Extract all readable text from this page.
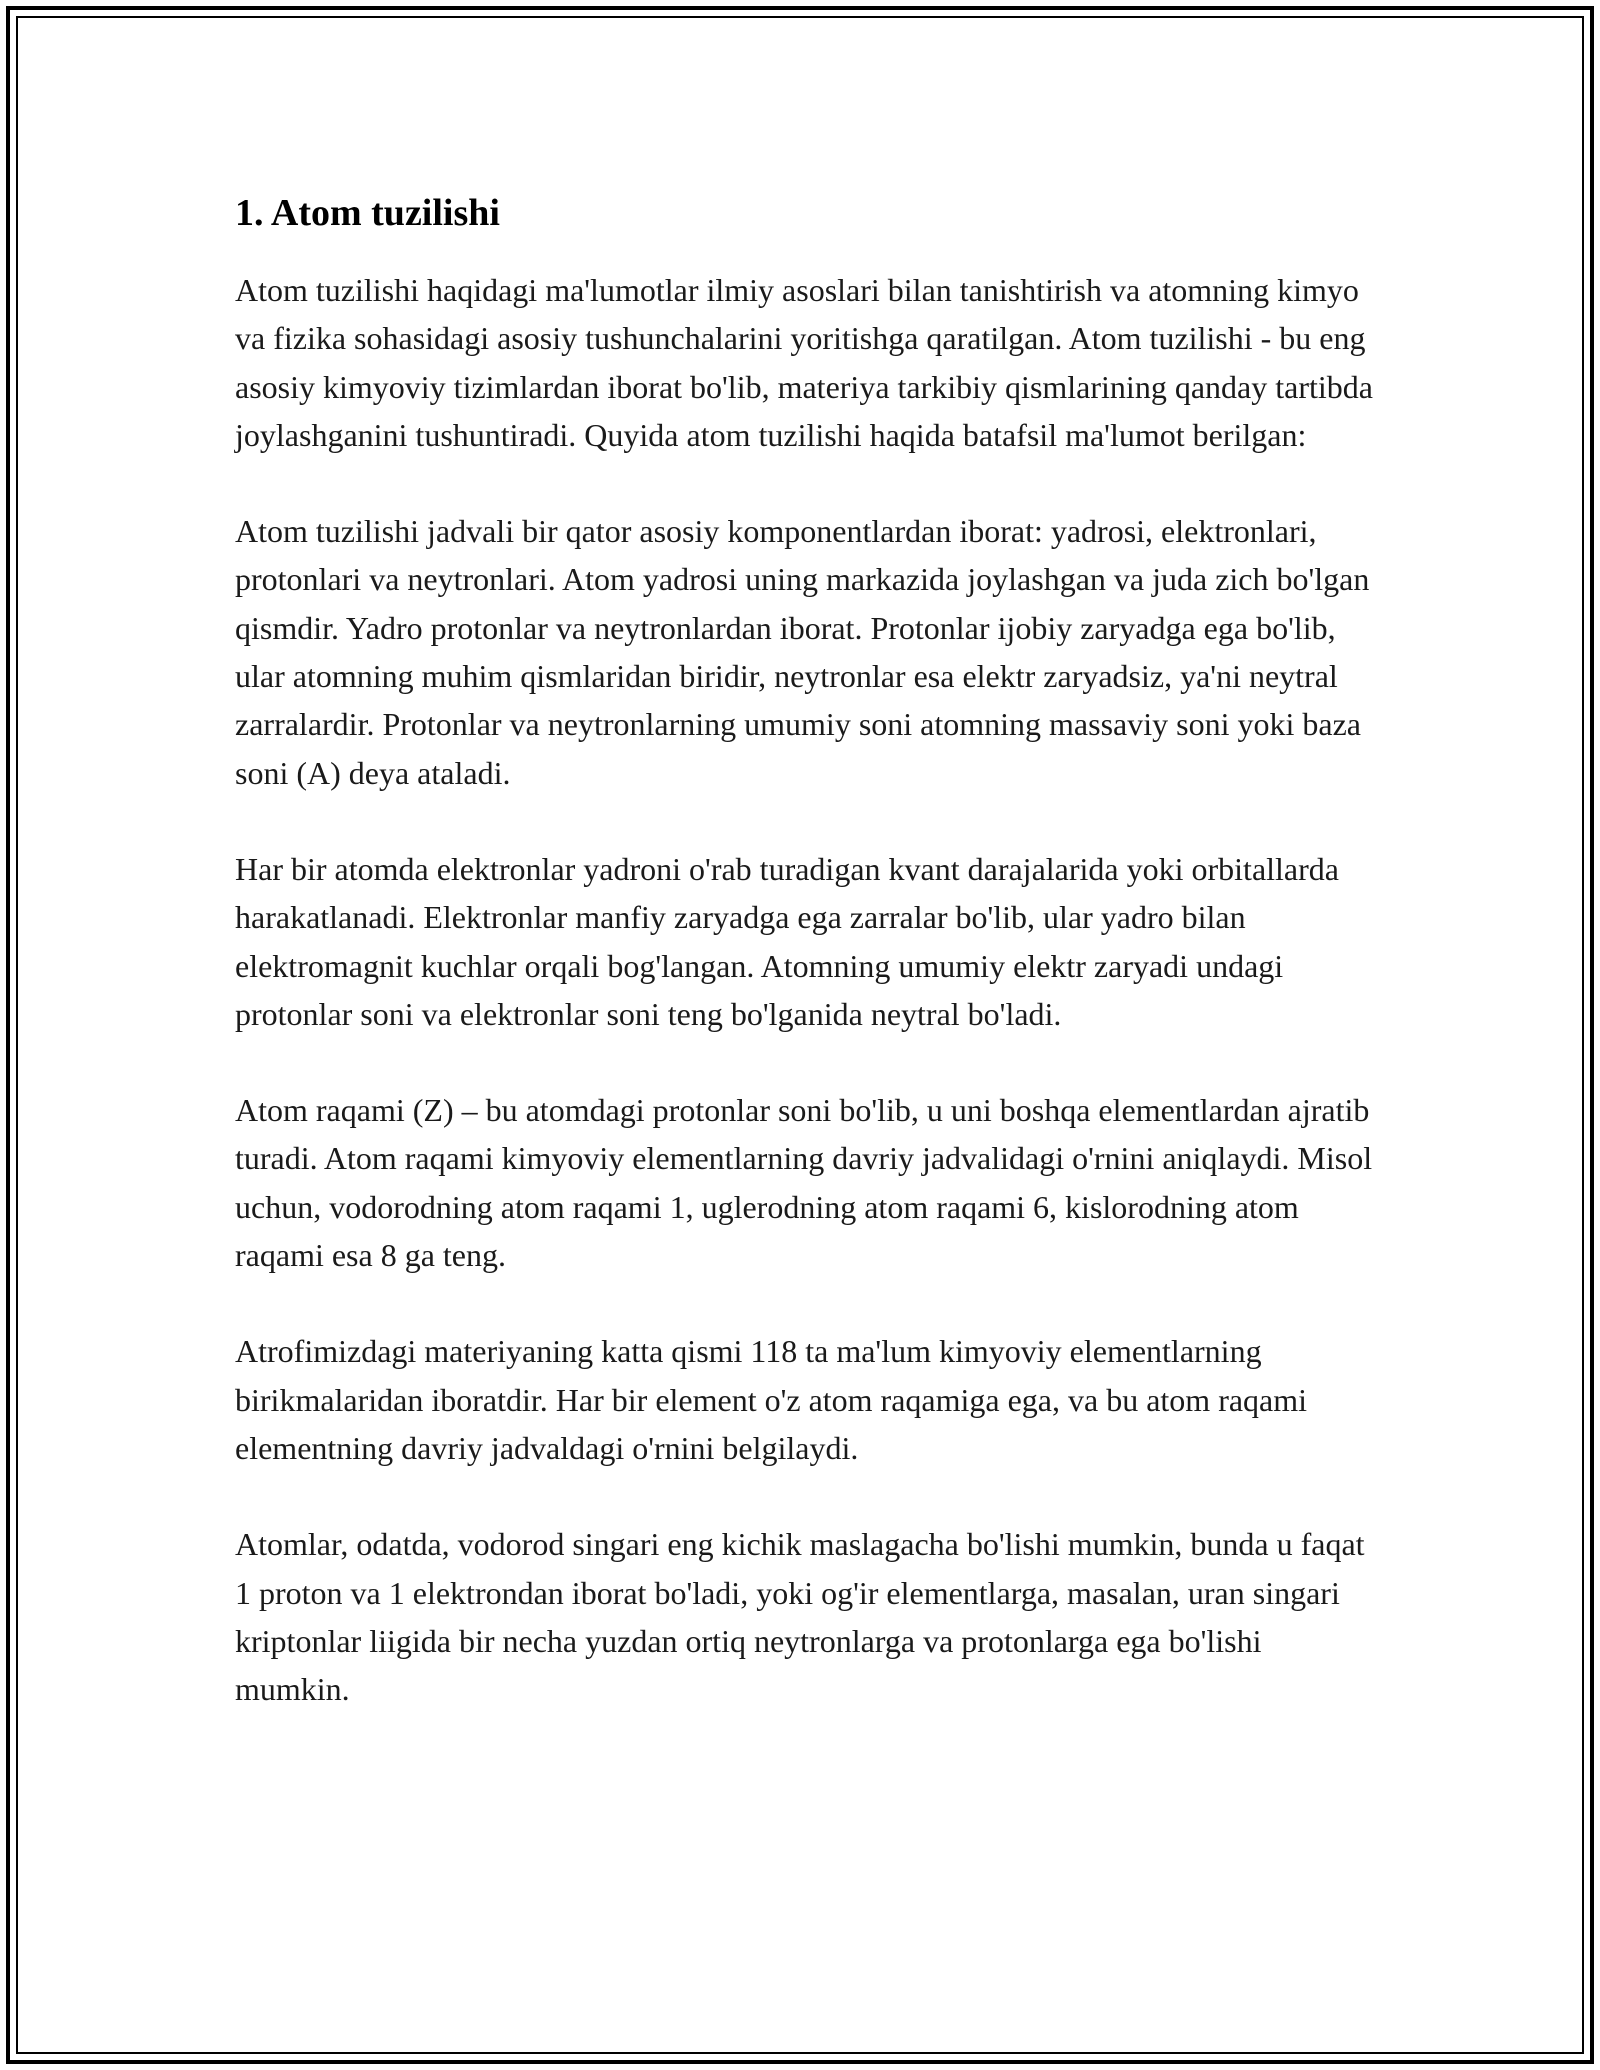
1. Atom tuzilishi

Atom tuzilishi haqidagi ma'lumotlar ilmiy asoslari bilan tanishtirish va atomning kimyo va fizika sohasidagi asosiy tushunchalarini yoritishga qaratilgan. Atom tuzilishi - bu eng asosiy kimyoviy tizimlardan iborat bo'lib, materiya tarkibiy qismlarining qanday tartibda joylashganini tushuntiradi. Quyida atom tuzilishi haqida batafsil ma'lumot berilgan:

Atom tuzilishi jadvali bir qator asosiy komponentlardan iborat: yadrosi, elektronlari, protonlari va neytronlari. Atom yadrosi uning markazida joylashgan va juda zich bo'lgan qismdir. Yadro protonlar va neytronlardan iborat. Protonlar ijobiy zaryadga ega bo'lib, ular atomning muhim qismlaridan biridir, neytronlar esa elektr zaryadsiz, ya'ni neytral zarralardir. Protonlar va neytronlarning umumiy soni atomning massaviy soni yoki baza soni (A) deya ataladi.

Har bir atomda elektronlar yadroni o'rab turadigan kvant darajalarida yoki orbitallarda harakatlanadi. Elektronlar manfiy zaryadga ega zarralar bo'lib, ular yadro bilan elektromagnit kuchlar orqali bog'langan. Atomning umumiy elektr zaryadi undagi protonlar soni va elektronlar soni teng bo'lganida neytral bo'ladi.

Atom raqami (Z) – bu atomdagi protonlar soni bo'lib, u uni boshqa elementlardan ajratib turadi. Atom raqami kimyoviy elementlarning davriy jadvalidagi o'rnini aniqlaydi. Misol uchun, vodorodning atom raqami 1, uglerodning atom raqami 6, kislorodning atom raqami esa 8 ga teng.

Atrofimizdagi materiyaning katta qismi 118 ta ma'lum kimyoviy elementlarning birikmalaridan iboratdir. Har bir element o'z atom raqamiga ega, va bu atom raqami elementning davriy jadvaldagi o'rnini belgilaydi.

Atomlar, odatda, vodorod singari eng kichik maslagacha bo'lishi mumkin, bunda u faqat 1 proton va 1 elektrondan iborat bo'ladi, yoki og'ir elementlarga, masalan, uran singari kriptonlar liigida bir necha yuzdan ortiq neytronlarga va protonlarga ega bo'lishi mumkin.
